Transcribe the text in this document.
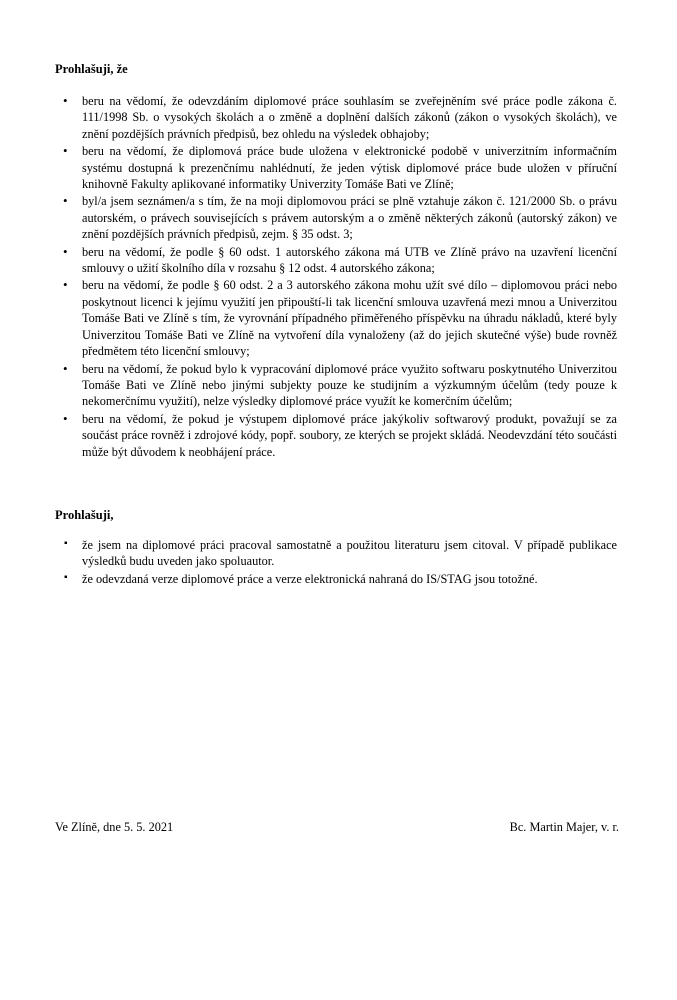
Prohlašuji, že

• beru na vědomí, že odevzdáním diplomové práce souhlasím se zveřejněním své práce podle zákona č. 111/1998 Sb. o vysokých školách a o změně a doplnění dalších zákonů (zákon o vysokých školách), ve znění pozdějších právních předpisů, bez ohledu na výsledek obhajoby;
• beru na vědomí, že diplomová práce bude uložena v elektronické podobě v univerzitním informačním systému dostupná k prezenčnímu nahlédnutí, že jeden výtisk diplomové práce bude uložen v příruční knihovně Fakulty aplikované informatiky Univerzity Tomáše Bati ve Zlíně;
• byl/a jsem seznámen/a s tím, že na moji diplomovou práci se plně vztahuje zákon č. 121/2000 Sb. o právu autorském, o právech souvisejících s právem autorským a o změně některých zákonů (autorský zákon) ve znění pozdějších právních předpisů, zejm. § 35 odst. 3;
• beru na vědomí, že podle § 60 odst. 1 autorského zákona má UTB ve Zlíně právo na uzavření licenční smlouvy o užití školního díla v rozsahu § 12 odst. 4 autorského zákona;
• beru na vědomí, že podle § 60 odst. 2 a 3 autorského zákona mohu užít své dílo – diplomovou práci nebo poskytnout licenci k jejímu využití jen připouští-li tak licenční smlouva uzavřená mezi mnou a Univerzitou Tomáše Bati ve Zlíně s tím, že vyrovnání případného přiměřeného příspěvku na úhradu nákladů, které byly Univerzitou Tomáše Bati ve Zlíně na vytvoření díla vynaloženy (až do jejich skutečné výše) bude rovněž předmětem této licenční smlouvy;
• beru na vědomí, že pokud bylo k vypracování diplomové práce využito softwaru poskytnutého Univerzitou Tomáše Bati ve Zlíně nebo jinými subjekty pouze ke studijním a výzkumným účelům (tedy pouze k nekomerčnímu využití), nelze výsledky diplomové práce využít ke komerčním účelům;
• beru na vědomí, že pokud je výstupem diplomové práce jakýkoliv softwarový produkt, považují se za součást práce rovněž i zdrojové kódy, popř. soubory, ze kterých se projekt skládá. Neodevzdání této součásti může být důvodem k neobhájení práce.

Prohlašuji,

▪ že jsem na diplomové práci pracoval samostatně a použitou literaturu jsem citoval. V případě publikace výsledků budu uveden jako spoluautor.
▪ že odevzdaná verze diplomové práce a verze elektronická nahraná do IS/STAG jsou totožné.
Ve Zlíně, dne 5. 5. 2021	Bc. Martin Majer, v. r.
